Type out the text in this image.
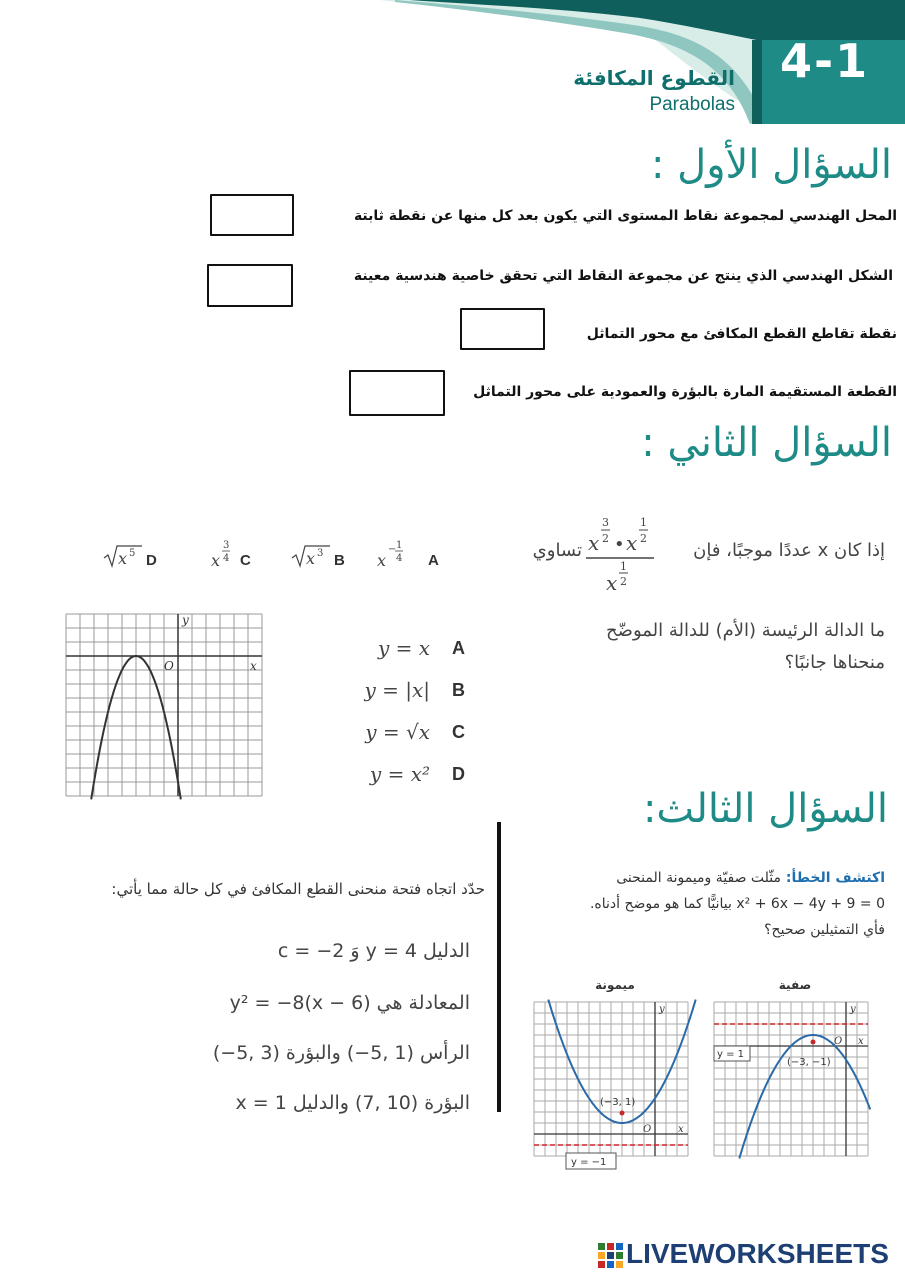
4-1
القطوع المكافئة
Parabolas
السؤال الأول :
المحل الهندسي لمجموعة نقاط المستوى التي يكون بعد كل منها عن نقطة ثابتة
الشكل الهندسي الذي ينتج عن مجموعة النقاط التي تحقق خاصية هندسية معينة
نقطة تقاطع القطع المكافئ مع محور التماثل
القطعة المستقيمة المارة بالبؤرة والعمودية على محور التماثل
السؤال الثاني :
إذا كان x عددًا موجبًا، فإن
تساوي x
3
2 • x
1
2
x
1
2
A
x
− 1
4
B
x 3
C
x
3
4
D
x 5
ما الدالة الرئيسة (الأم) للدالة الموضّح
منحناها جانبًا؟
A
y = x
B
y = |x|
C
y = √x
D
y = x²
y
x
O
السؤال الثالث:
اكتشف الخطأ: مثّلت صفيّة وميمونة المنحنى
x² + 6x − 4y + 9 = 0 بيانيًّا كما هو موضح أدناه.
فأي التمثيلين صحيح؟
ميمونة	صفية
y
x
O
(−3, 1)
y = −1
y
x
O
(−3, −1)
y = 1
حدّد اتجاه فتحة منحنى القطع المكافئ في كل حالة مما يأتي:
الدليل y = 4 وَ c = −2
المعادلة هي y² = −8(x − 6)
الرأس (1 ,5−) والبؤرة (3 ,5−)
البؤرة (10 ,7) والدليل x = 1
LIVEWORKSHEETS
